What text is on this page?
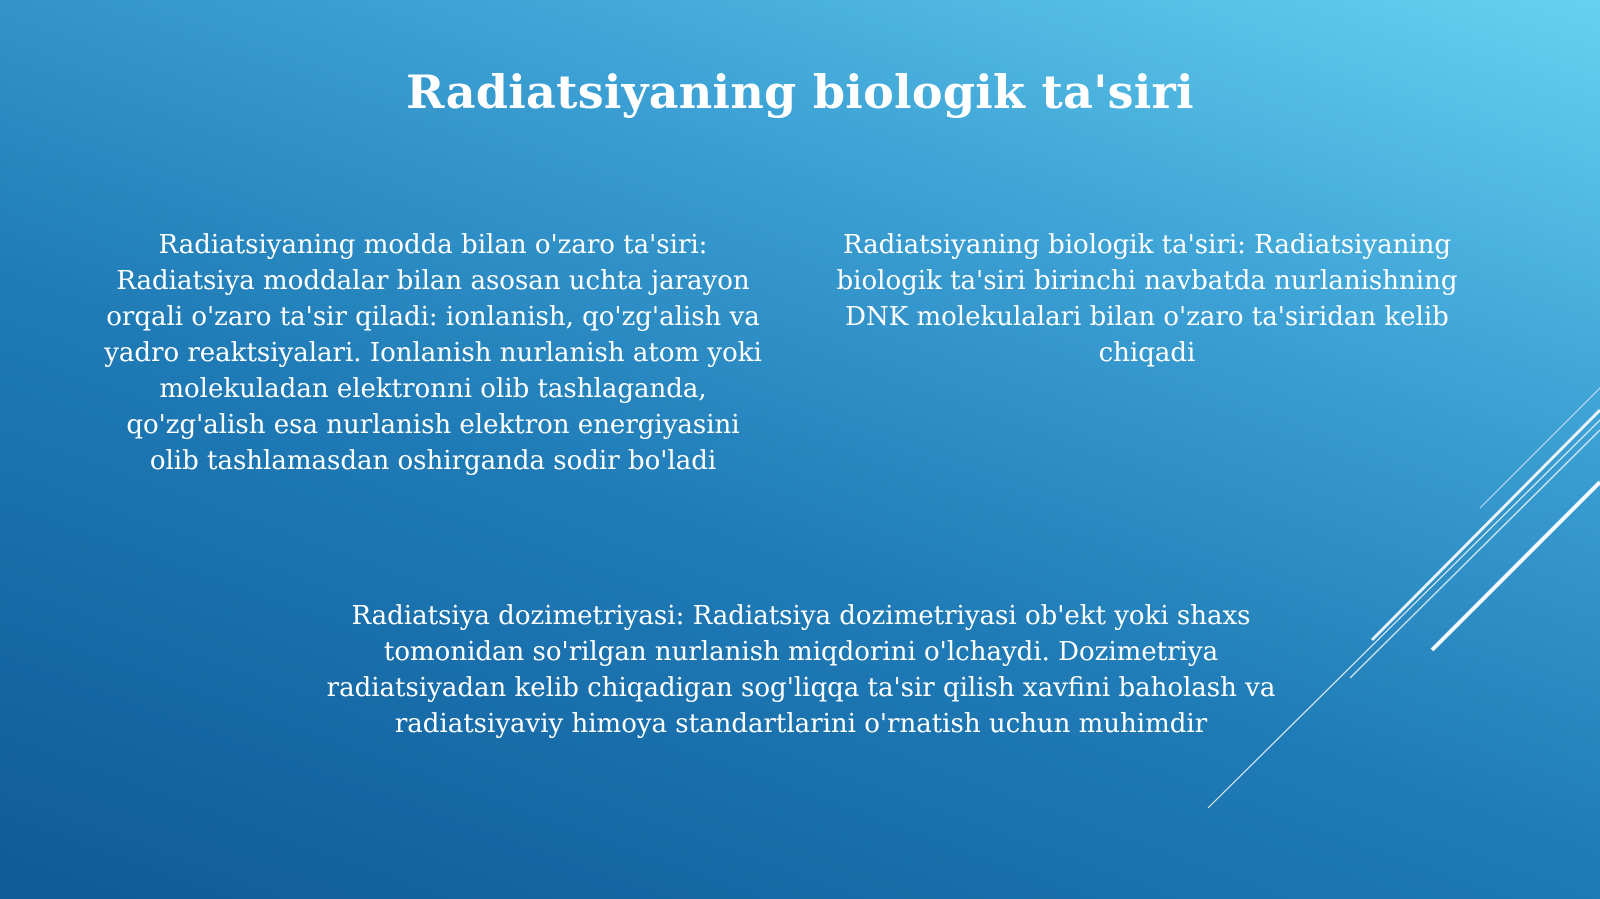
Radiatsiyaning biologik ta'siri
Radiatsiyaning modda bilan o'zaro ta'siri: Radiatsiya moddalar bilan asosan uchta jarayon orqali o'zaro ta'sir qiladi: ionlanish, qo'zg'alish va yadro reaktsiyalari. Ionlanish nurlanish atom yoki molekuladan elektronni olib tashlaganda, qo'zg'alish esa nurlanish elektron energiyasini olib tashlamasdan oshirganda sodir bo'ladi
Radiatsiyaning biologik ta'siri: Radiatsiyaning biologik ta'siri birinchi navbatda nurlanishning DNK molekulalari bilan o'zaro ta'siridan kelib chiqadi
Radiatsiya dozimetriyasi: Radiatsiya dozimetriyasi ob'ekt yoki shaxs tomonidan so'rilgan nurlanish miqdorini o'lchaydi. Dozimetriya radiatsiyadan kelib chiqadigan sog'liqqa ta'sir qilish xavfini baholash va radiatsiyaviy himoya standartlarini o'rnatish uchun muhimdir
